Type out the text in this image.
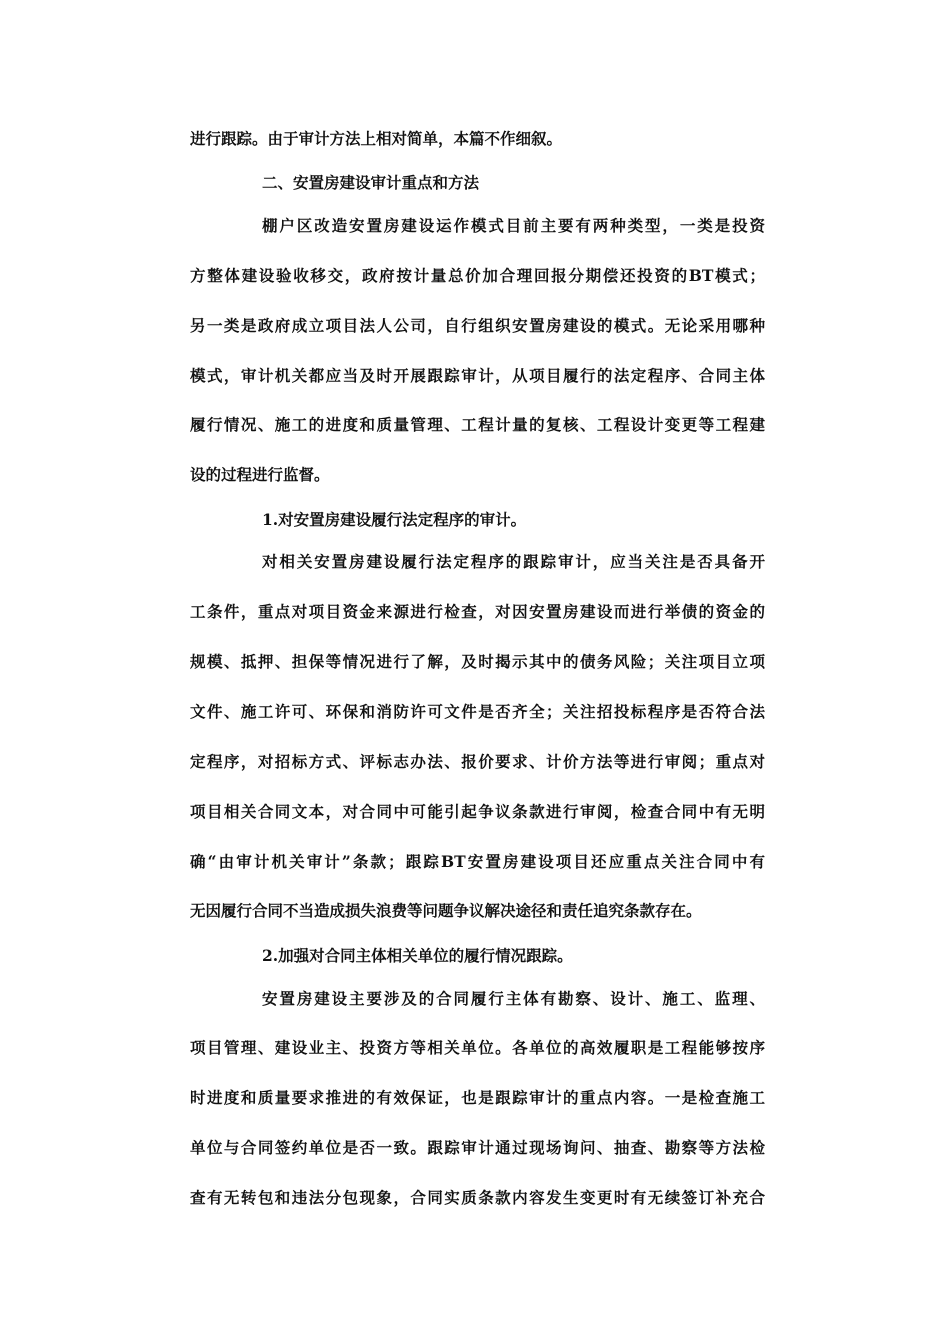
进行跟踪。由于审计方法上相对简单，本篇不作细叙。
二、安置房建设审计重点和方法
棚户区改造安置房建设运作模式目前主要有两种类型，一类是投资
方整体建设验收移交，政府按计量总价加合理回报分期偿还投资的BT模式；
另一类是政府成立项目法人公司，自行组织安置房建设的模式。无论采用哪种
模式，审计机关都应当及时开展跟踪审计，从项目履行的法定程序、合同主体
履行情况、施工的进度和质量管理、工程计量的复核、工程设计变更等工程建
设的过程进行监督。
1.对安置房建设履行法定程序的审计。
对相关安置房建设履行法定程序的跟踪审计，应当关注是否具备开
工条件，重点对项目资金来源进行检查，对因安置房建设而进行举债的资金的
规模、抵押、担保等情况进行了解，及时揭示其中的债务风险；关注项目立项
文件、施工许可、环保和消防许可文件是否齐全；关注招投标程序是否符合法
定程序，对招标方式、评标志办法、报价要求、计价方法等进行审阅；重点对
项目相关合同文本，对合同中可能引起争议条款进行审阅，检查合同中有无明
确“由审计机关审计”条款；跟踪BT安置房建设项目还应重点关注合同中有
无因履行合同不当造成损失浪费等问题争议解决途径和责任追究条款存在。
2.加强对合同主体相关单位的履行情况跟踪。
安置房建设主要涉及的合同履行主体有勘察、设计、施工、监理、
项目管理、建设业主、投资方等相关单位。各单位的高效履职是工程能够按序
时进度和质量要求推进的有效保证，也是跟踪审计的重点内容。一是检查施工
单位与合同签约单位是否一致。跟踪审计通过现场询问、抽查、勘察等方法检
查有无转包和违法分包现象，合同实质条款内容发生变更时有无续签订补充合
